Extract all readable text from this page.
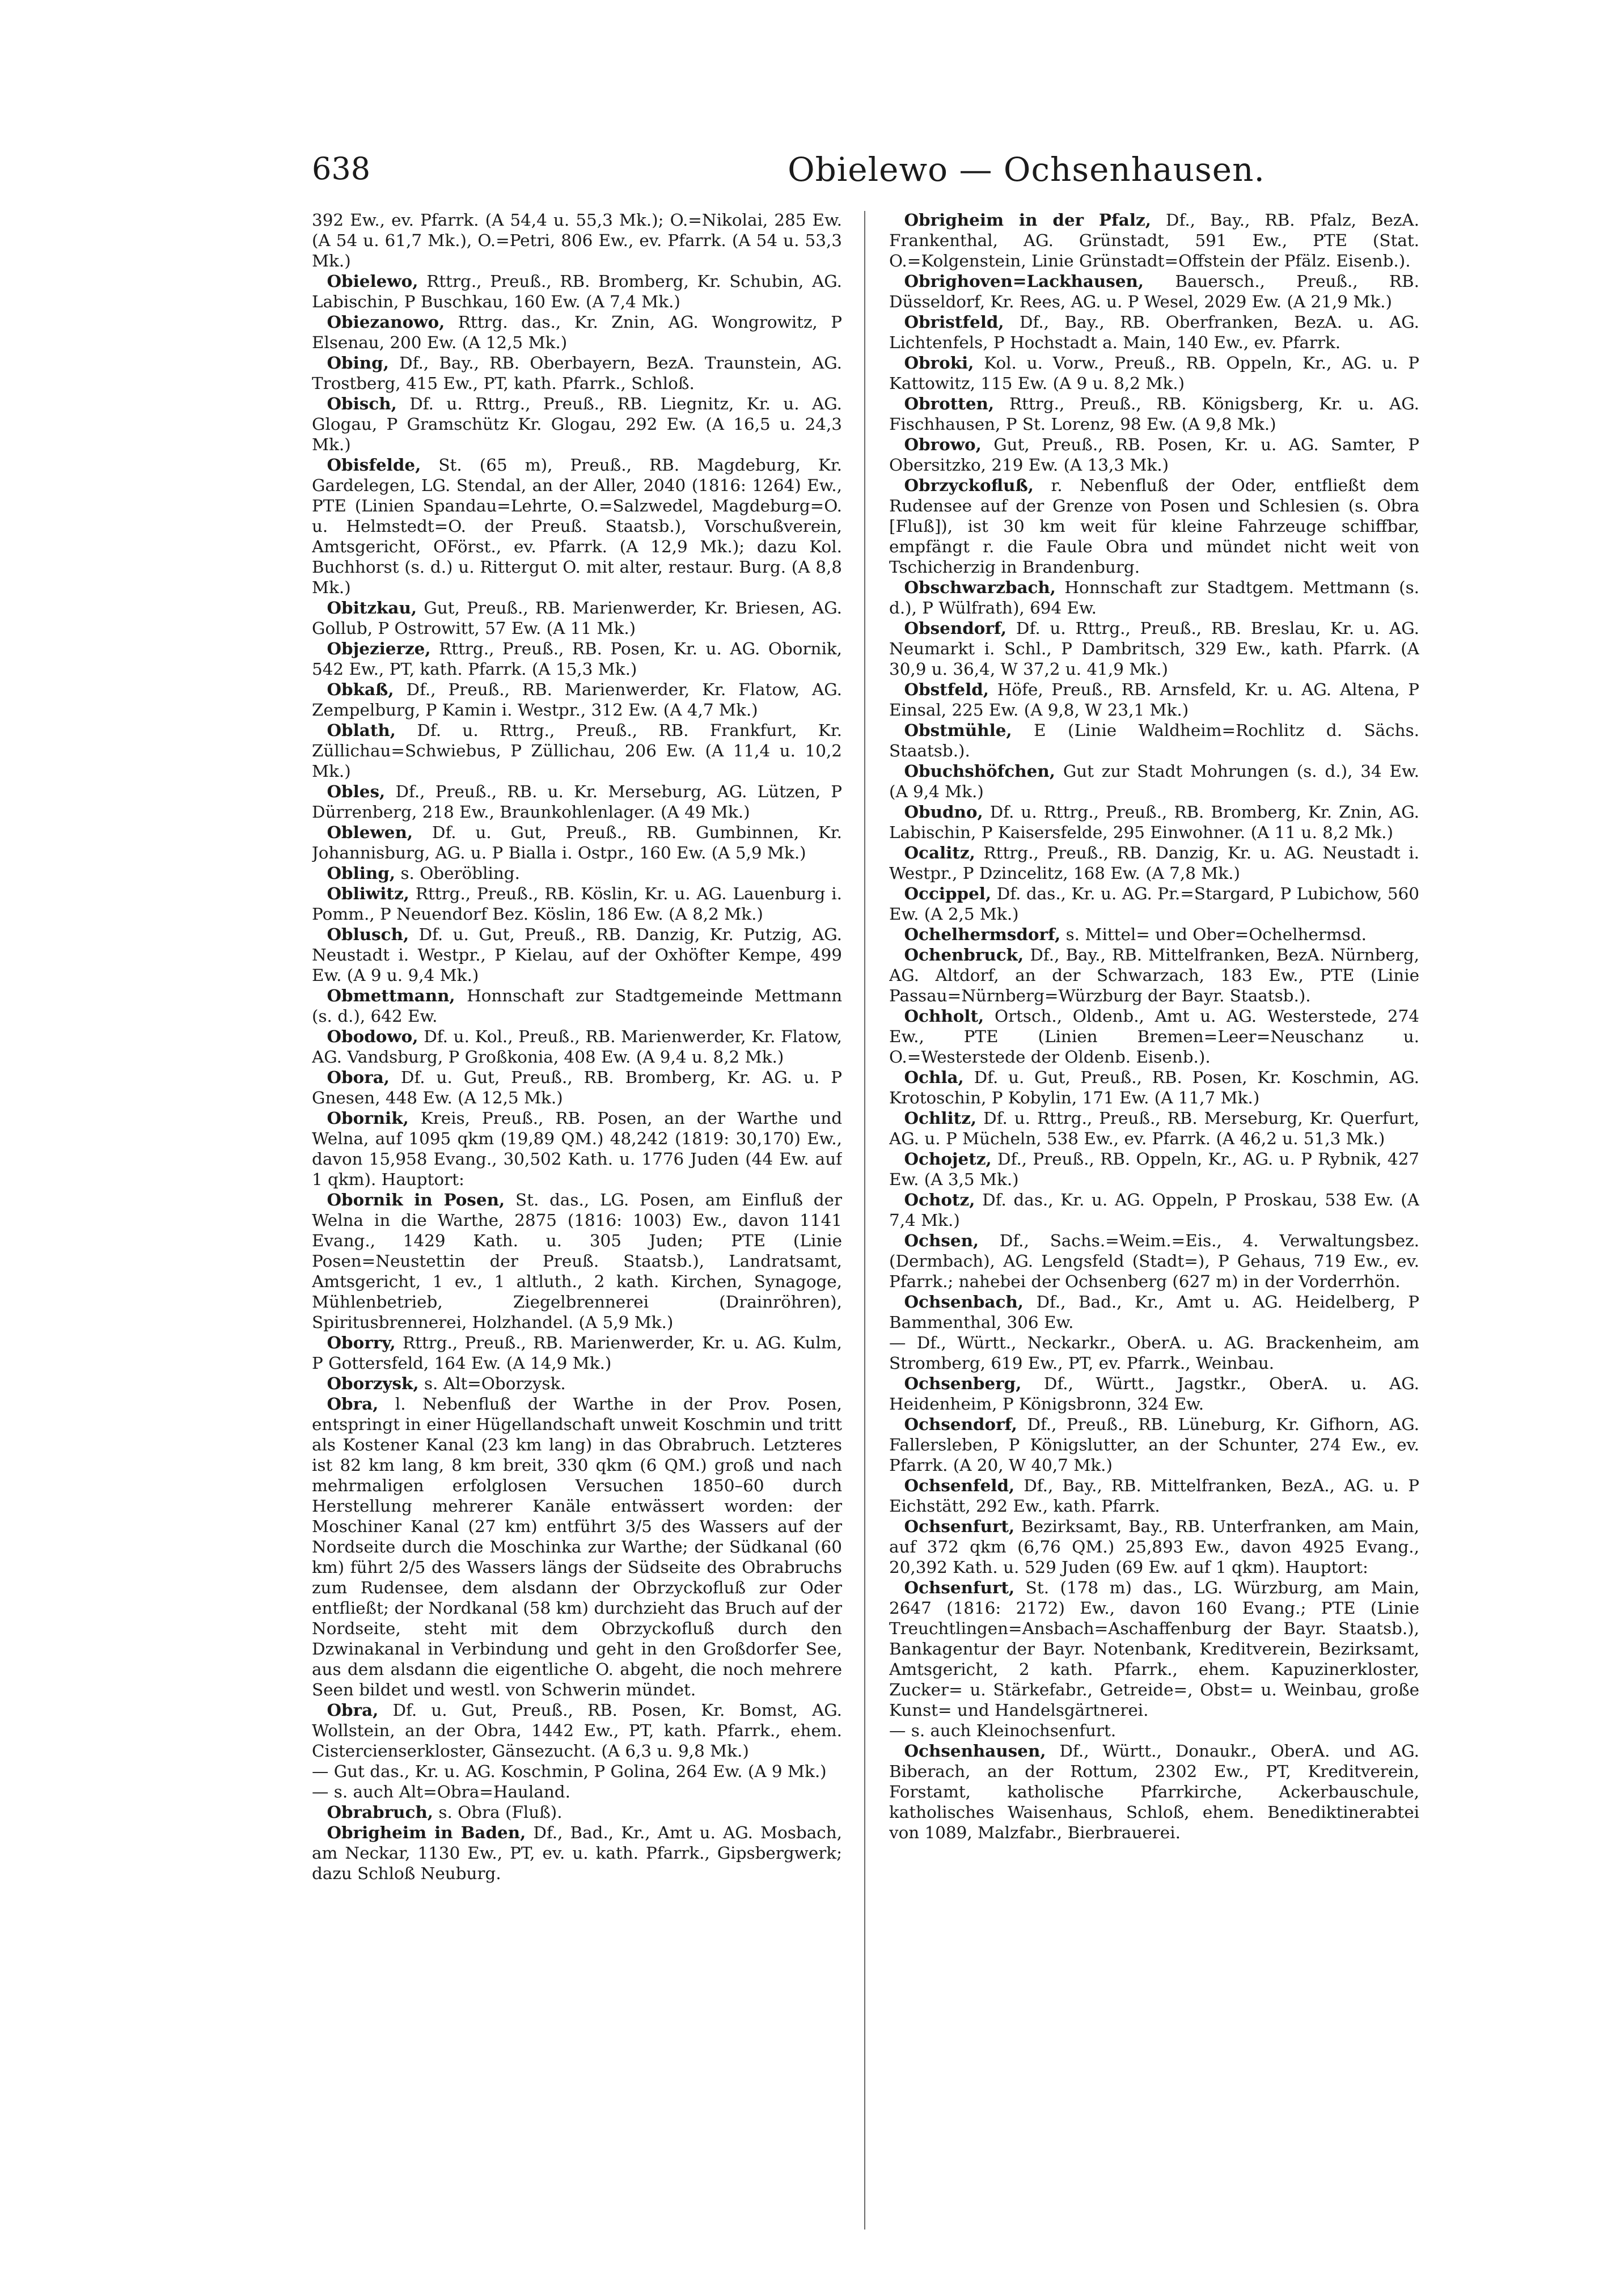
638	Obielewo — Ochsenhausen.

392 Ew., ev. Pfarrk. (A 54,4 u. 55,3 Mk.); O.=Nikolai, 285 Ew. (A 54 u. 61,7 Mk.), O.=Petri, 806 Ew., ev. Pfarrk. (A 54 u. 53,3 Mk.)

Obielewo, Rttrg., Preuß., RB. Bromberg, Kr. Schubin, AG. Labischin, P Buschkau, 160 Ew. (A 7,4 Mk.)

Obiezanowo, Rttrg. das., Kr. Znin, AG. Wongrowitz, P Elsenau, 200 Ew. (A 12,5 Mk.)

Obing, Df., Bay., RB. Oberbayern, BezA. Traunstein, AG. Trostberg, 415 Ew., PT, kath. Pfarrk., Schloß.

Obisch, Df. u. Rttrg., Preuß., RB. Liegnitz, Kr. u. AG. Glogau, P Gramschütz Kr. Glogau, 292 Ew. (A 16,5 u. 24,3 Mk.)

Obisfelde, St. (65 m), Preuß., RB. Magdeburg, Kr. Gardelegen, LG. Stendal, an der Aller, 2040 (1816: 1264) Ew., PTE (Linien Spandau=Lehrte, O.=Salzwedel, Magdeburg=O. u. Helmstedt=O. der Preuß. Staatsb.), Vorschußverein, Amtsgericht, OFörst., ev. Pfarrk. (A 12,9 Mk.); dazu Kol. Buchhorst (s. d.) u. Rittergut O. mit alter, restaur. Burg. (A 8,8 Mk.)

Obitzkau, Gut, Preuß., RB. Marienwerder, Kr. Briesen, AG. Gollub, P Ostrowitt, 57 Ew. (A 11 Mk.)

Objezierze, Rttrg., Preuß., RB. Posen, Kr. u. AG. Obornik, 542 Ew., PT, kath. Pfarrk. (A 15,3 Mk.)

Obkaß, Df., Preuß., RB. Marienwerder, Kr. Flatow, AG. Zempelburg, P Kamin i. Westpr., 312 Ew. (A 4,7 Mk.)

Oblath, Df. u. Rttrg., Preuß., RB. Frankfurt, Kr. Züllichau=Schwiebus, P Züllichau, 206 Ew. (A 11,4 u. 10,2 Mk.)

Obles, Df., Preuß., RB. u. Kr. Merseburg, AG. Lützen, P Dürrenberg, 218 Ew., Braunkohlenlager. (A 49 Mk.)

Oblewen, Df. u. Gut, Preuß., RB. Gumbinnen, Kr. Johannisburg, AG. u. P Bialla i. Ostpr., 160 Ew. (A 5,9 Mk.)

Obling, s. Oberöbling.

Obliwitz, Rttrg., Preuß., RB. Köslin, Kr. u. AG. Lauenburg i. Pomm., P Neuendorf Bez. Köslin, 186 Ew. (A 8,2 Mk.)

Oblusch, Df. u. Gut, Preuß., RB. Danzig, Kr. Putzig, AG. Neustadt i. Westpr., P Kielau, auf der Oxhöfter Kempe, 499 Ew. (A 9 u. 9,4 Mk.)

Obmettmann, Honnschaft zur Stadtgemeinde Mettmann (s. d.), 642 Ew.

Obodowo, Df. u. Kol., Preuß., RB. Marienwerder, Kr. Flatow, AG. Vandsburg, P Großkonia, 408 Ew. (A 9,4 u. 8,2 Mk.)

Obora, Df. u. Gut, Preuß., RB. Bromberg, Kr. AG. u. P Gnesen, 448 Ew. (A 12,5 Mk.)

Obornik, Kreis, Preuß., RB. Posen, an der Warthe und Welna, auf 1095 qkm (19,89 QM.) 48,242 (1819: 30,170) Ew., davon 15,958 Evang., 30,502 Kath. u. 1776 Juden (44 Ew. auf 1 qkm). Hauptort:

Obornik in Posen, St. das., LG. Posen, am Einfluß der Welna in die Warthe, 2875 (1816: 1003) Ew., davon 1141 Evang., 1429 Kath. u. 305 Juden; PTE (Linie Posen=Neustettin der Preuß. Staatsb.), Landratsamt, Amtsgericht, 1 ev., 1 altluth., 2 kath. Kirchen, Synagoge, Mühlenbetrieb, Ziegelbrennerei (Drainröhren), Spiritusbrennerei, Holzhandel. (A 5,9 Mk.)

Oborry, Rttrg., Preuß., RB. Marienwerder, Kr. u. AG. Kulm, P Gottersfeld, 164 Ew. (A 14,9 Mk.)

Oborzysk, s. Alt=Oborzysk.

Obra, l. Nebenfluß der Warthe in der Prov. Posen, entspringt in einer Hügellandschaft unweit Koschmin und tritt als Kostener Kanal (23 km lang) in das Obrabruch. Letzteres ist 82 km lang, 8 km breit, 330 qkm (6 QM.) groß und nach mehrmaligen erfolglosen Versuchen 1850–60 durch Herstellung mehrerer Kanäle entwässert worden: der Moschiner Kanal (27 km) entführt 3/5 des Wassers auf der Nordseite durch die Moschinka zur Warthe; der Südkanal (60 km) führt 2/5 des Wassers längs der Südseite des Obrabruchs zum Rudensee, dem alsdann der Obrzyckofluß zur Oder entfließt; der Nordkanal (58 km) durchzieht das Bruch auf der Nordseite, steht mit dem Obrzyckofluß durch den Dzwinakanal in Verbindung und geht in den Großdorfer See, aus dem alsdann die eigentliche O. abgeht, die noch mehrere Seen bildet und westl. von Schwerin mündet.

Obra, Df. u. Gut, Preuß., RB. Posen, Kr. Bomst, AG. Wollstein, an der Obra, 1442 Ew., PT, kath. Pfarrk., ehem. Cistercienserkloster, Gänsezucht. (A 6,3 u. 9,8 Mk.)

— Gut das., Kr. u. AG. Koschmin, P Golina, 264 Ew. (A 9 Mk.)

— s. auch Alt=Obra=Hauland.

Obrabruch, s. Obra (Fluß).

Obrigheim in Baden, Df., Bad., Kr., Amt u. AG. Mosbach, am Neckar, 1130 Ew., PT, ev. u. kath. Pfarrk., Gipsbergwerk; dazu Schloß Neuburg.

Obrigheim in der Pfalz, Df., Bay., RB. Pfalz, BezA. Frankenthal, AG. Grünstadt, 591 Ew., PTE (Stat. O.=Kolgenstein, Linie Grünstadt=Offstein der Pfälz. Eisenb.).

Obrighoven=Lackhausen, Bauersch., Preuß., RB. Düsseldorf, Kr. Rees, AG. u. P Wesel, 2029 Ew. (A 21,9 Mk.)

Obristfeld, Df., Bay., RB. Oberfranken, BezA. u. AG. Lichtenfels, P Hochstadt a. Main, 140 Ew., ev. Pfarrk.

Obroki, Kol. u. Vorw., Preuß., RB. Oppeln, Kr., AG. u. P Kattowitz, 115 Ew. (A 9 u. 8,2 Mk.)

Obrotten, Rttrg., Preuß., RB. Königsberg, Kr. u. AG. Fischhausen, P St. Lorenz, 98 Ew. (A 9,8 Mk.)

Obrowo, Gut, Preuß., RB. Posen, Kr. u. AG. Samter, P Obersitzko, 219 Ew. (A 13,3 Mk.)

Obrzyckofluß, r. Nebenfluß der Oder, entfließt dem Rudensee auf der Grenze von Posen und Schlesien (s. Obra [Fluß]), ist 30 km weit für kleine Fahrzeuge schiffbar, empfängt r. die Faule Obra und mündet nicht weit von Tschicherzig in Brandenburg.

Obschwarzbach, Honnschaft zur Stadtgem. Mettmann (s. d.), P Wülfrath), 694 Ew.

Obsendorf, Df. u. Rttrg., Preuß., RB. Breslau, Kr. u. AG. Neumarkt i. Schl., P Dambritsch, 329 Ew., kath. Pfarrk. (A 30,9 u. 36,4, W 37,2 u. 41,9 Mk.)

Obstfeld, Höfe, Preuß., RB. Arnsfeld, Kr. u. AG. Altena, P Einsal, 225 Ew. (A 9,8, W 23,1 Mk.)

Obstmühle, E (Linie Waldheim=Rochlitz d. Sächs. Staatsb.).

Obuchshöfchen, Gut zur Stadt Mohrungen (s. d.), 34 Ew. (A 9,4 Mk.)

Obudno, Df. u. Rttrg., Preuß., RB. Bromberg, Kr. Znin, AG. Labischin, P Kaisersfelde, 295 Einwohner. (A 11 u. 8,2 Mk.)

Ocalitz, Rttrg., Preuß., RB. Danzig, Kr. u. AG. Neustadt i. Westpr., P Dzincelitz, 168 Ew. (A 7,8 Mk.)

Occippel, Df. das., Kr. u. AG. Pr.=Stargard, P Lubichow, 560 Ew. (A 2,5 Mk.)

Ochelhermsdorf, s. Mittel= und Ober=Ochelhermsd.

Ochenbruck, Df., Bay., RB. Mittelfranken, BezA. Nürnberg, AG. Altdorf, an der Schwarzach, 183 Ew., PTE (Linie Passau=Nürnberg=Würzburg der Bayr. Staatsb.).

Ochholt, Ortsch., Oldenb., Amt u. AG. Westerstede, 274 Ew., PTE (Linien Bremen=Leer=Neuschanz u. O.=Westerstede der Oldenb. Eisenb.).

Ochla, Df. u. Gut, Preuß., RB. Posen, Kr. Koschmin, AG. Krotoschin, P Kobylin, 171 Ew. (A 11,7 Mk.)

Ochlitz, Df. u. Rttrg., Preuß., RB. Merseburg, Kr. Querfurt, AG. u. P Mücheln, 538 Ew., ev. Pfarrk. (A 46,2 u. 51,3 Mk.)

Ochojetz, Df., Preuß., RB. Oppeln, Kr., AG. u. P Rybnik, 427 Ew. (A 3,5 Mk.)

Ochotz, Df. das., Kr. u. AG. Oppeln, P Proskau, 538 Ew. (A 7,4 Mk.)

Ochsen, Df., Sachs.=Weim.=Eis., 4. Verwaltungsbez. (Dermbach), AG. Lengsfeld (Stadt=), P Gehaus, 719 Ew., ev. Pfarrk.; nahebei der Ochsenberg (627 m) in der Vorderrhön.

Ochsenbach, Df., Bad., Kr., Amt u. AG. Heidelberg, P Bammenthal, 306 Ew.

— Df., Württ., Neckarkr., OberA. u. AG. Brackenheim, am Stromberg, 619 Ew., PT, ev. Pfarrk., Weinbau.

Ochsenberg, Df., Württ., Jagstkr., OberA. u. AG. Heidenheim, P Königsbronn, 324 Ew.

Ochsendorf, Df., Preuß., RB. Lüneburg, Kr. Gifhorn, AG. Fallersleben, P Königslutter, an der Schunter, 274 Ew., ev. Pfarrk. (A 20, W 40,7 Mk.)

Ochsenfeld, Df., Bay., RB. Mittelfranken, BezA., AG. u. P Eichstätt, 292 Ew., kath. Pfarrk.

Ochsenfurt, Bezirksamt, Bay., RB. Unterfranken, am Main, auf 372 qkm (6,76 QM.) 25,893 Ew., davon 4925 Evang., 20,392 Kath. u. 529 Juden (69 Ew. auf 1 qkm). Hauptort:

Ochsenfurt, St. (178 m) das., LG. Würzburg, am Main, 2647 (1816: 2172) Ew., davon 160 Evang.; PTE (Linie Treuchtlingen=Ansbach=Aschaffenburg der Bayr. Staatsb.), Bankagentur der Bayr. Notenbank, Kreditverein, Bezirksamt, Amtsgericht, 2 kath. Pfarrk., ehem. Kapuzinerkloster, Zucker= u. Stärkefabr., Getreide=, Obst= u. Weinbau, große Kunst= und Handelsgärtnerei.

— s. auch Kleinochsenfurt.

Ochsenhausen, Df., Württ., Donaukr., OberA. und AG. Biberach, an der Rottum, 2302 Ew., PT, Kreditverein, Forstamt, katholische Pfarrkirche, Ackerbauschule, katholisches Waisenhaus, Schloß, ehem. Benediktinerabtei von 1089, Malzfabr., Bierbrauerei.
